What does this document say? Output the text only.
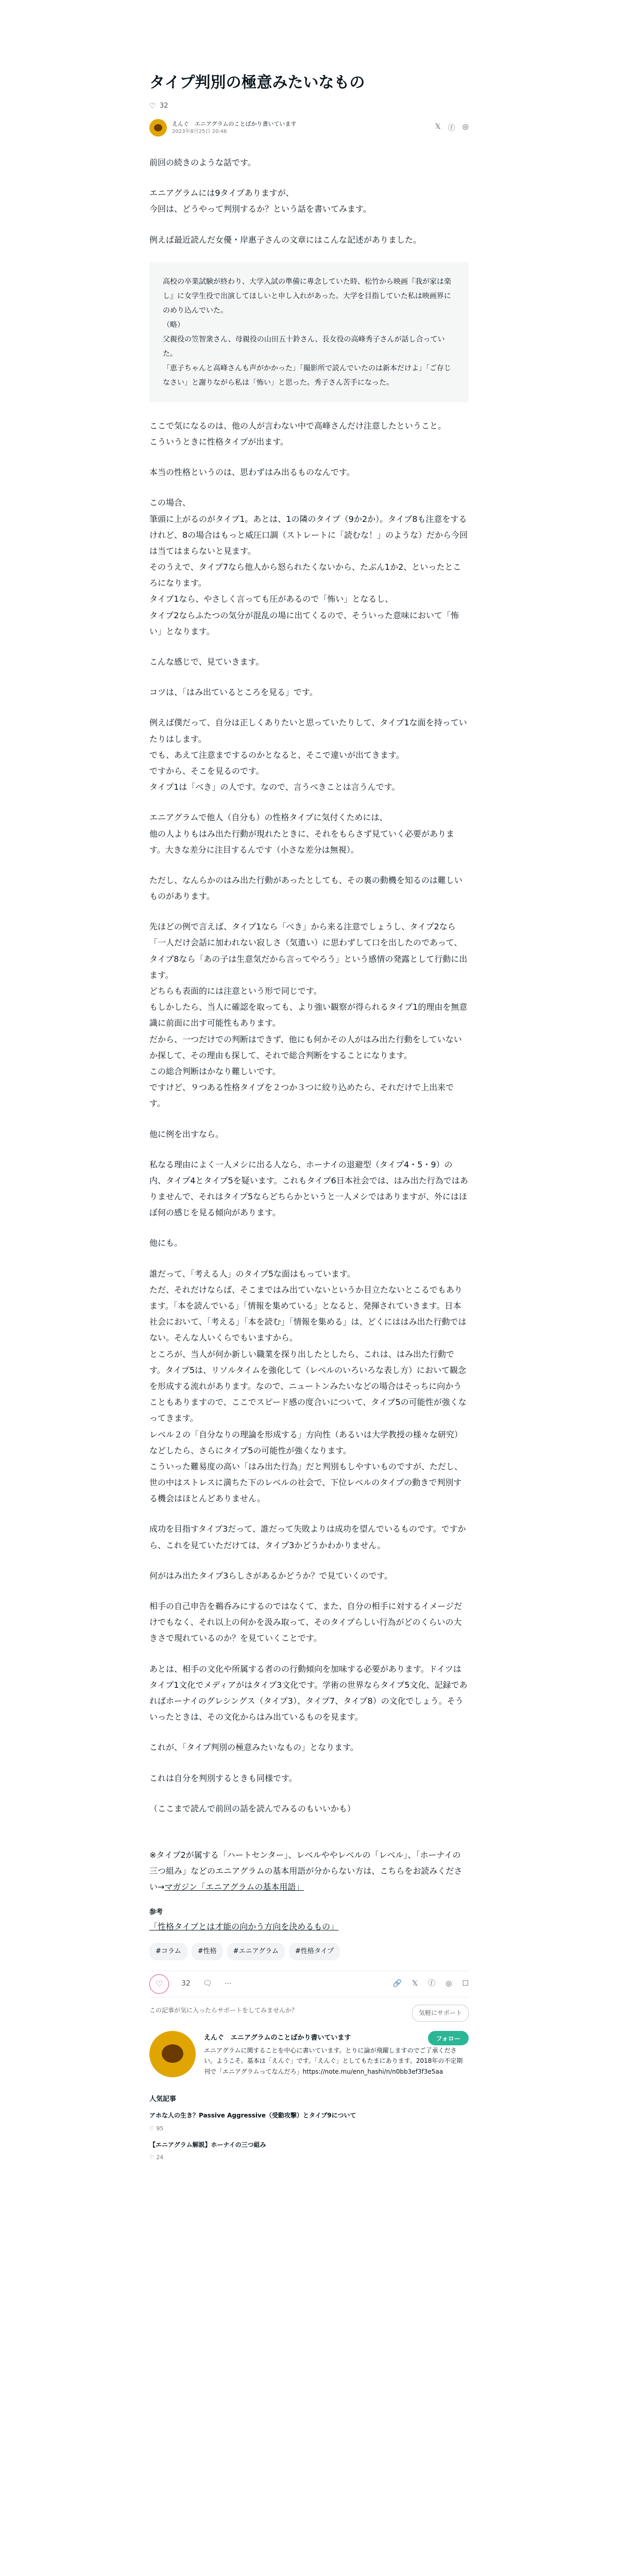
タイプ判別の極意みたいなもの
♡ 32
えんぐ　エニアグラムのことばかり書いています
2023年8月25日 20:46
𝕏 ⓕ ◎

前回の続きのような話です。

エニアグラムには9タイプありますが、
今回は、どうやって判別するか？という話を書いてみます。

例えば最近読んだ女優・岸惠子さんの文章にはこんな記述がありました。

高校の卒業試験が終わり、大学入試の準備に專念していた時、松竹から映画『我が家は楽し』に女学生役で出演してほしいと申し入れがあった。大学を目指していた私は映画界にのめり込んでいた。

（略）

父親役の笠智衆さん、母親役の山田五十鈴さん、長女役の高峰秀子さんが話し合っていた。

「恵子ちゃんと高峰さんも声がかかった」「撮影所で読んでいたのは新本だけよ」「ご存じなさい」と謝りながら私は「怖い」と思った。秀子さん苦手になった。

ここで気になるのは、他の人が言わない中で高峰さんだけ注意したということ。
こういうときに性格タイプが出ます。

本当の性格というのは、思わずはみ出るものなんです。

この場合、
筆頭に上がるのがタイプ1。あとは、1の隣のタイプ（9か2か）。タイプ8も注意をするけれど、8の場合はもっと威圧口調（ストレートに「読むな！」のような）だから今回は当てはまらないと見ます。
そのうえで、タイプ7なら他人から怒られたくないから、たぶん1か2、といったところになります。
タイプ1なら、やさしく言っても圧があるので「怖い」となるし、
タイプ2ならふたつの気分が混乱の場に出てくるので、そういった意味において「怖い」となります。

こんな感じで、見ていきます。

コツは、「はみ出ているところを見る」です。

例えば僕だって、自分は正しくありたいと思っていたりして、タイプ1な面を持っていたりはします。
でも、あえて注意までするのかとなると、そこで違いが出てきます。
ですから、そこを見るのです。
タイプ1は「べき」の人です。なので、言うべきことは言うんです。

エニアグラムで他人（自分も）の性格タイプに気付くためには、
他の人よりもはみ出た行動が現れたときに、それをもらさず見ていく必要があります。大きな差分に注目するんです（小さな差分は無視）。

ただし、なんらかのはみ出た行動があったとしても、その裏の動機を知るのは難しいものがあります。

先ほどの例で言えば、タイプ1なら「べき」から来る注意でしょうし、タイプ2なら「一人だけ会話に加われない寂しさ（気遣い）に思わずして口を出したのであって、タイプ8なら「あの子は生意気だから言ってやろう」という感情の発露として行動に出ます。
どちらも表面的には注意という形で同じです。
もしかしたら、当人に確認を取っても、より強い観察が得られるタイプ1的理由を無意識に前面に出す可能性もあります。
だから、一つだけでの判断はできず、他にも何かその人がはみ出た行動をしていないか探して、その理由も探して、それで総合判断をすることになります。
この総合判断はかなり難しいです。
ですけど、９つある性格タイプを２つか３つに絞り込めたら、それだけで上出来です。

他に例を出すなら。

私なる理由によく一人メシに出る人なら、ホーナイの退避型（タイプ4・5・9）の内、タイプ4とタイプ5を疑います。これもタイプ6日本社会では、はみ出た行為ではありませんで、それはタイプ5ならどちらかというと一人メシではありますが、外にはほぼ何の感じを見る傾向があります。

他にも。

誰だって、「考える人」のタイプ5な面はもっています。
ただ、それだけならば、そこまではみ出ていないというか目立たないとこるでもあります。「本を読んでいる」「情報を集めている」となると、発揮されていきます。日本社会において、「考える」「本を読む」「情報を集める」は、どくにははみ出た行動ではない。そんな人いくらでもいますから。
ところが、当人が何か新しい職業を探り出したとしたら、これは、はみ出た行動です。タイプ5は、リソルタイムを強化して（レベルのいろいろな表し方）において観念を形成する流れがあります。なので、ニュートンみたいなどの場合はそっちに向かうこともありますので、ここでスピード感の度合いについて、タイプ5の可能性が強くなってきます。
レベル２の「自分なりの理論を形成する」方向性（あるいは大学教授の様々な研究）などしたら、さらにタイプ5の可能性が強くなります。
こういった難易度の高い「はみ出た行為」だと判別もしやすいものですが、ただし、世の中はストレスに満ちた下のレベルの社会で、下位レベルのタイプの動きで判別する機会はほとんどありません。

成功を目指すタイプ3だって、誰だって失敗よりは成功を望んでいるものです。ですから、これを見ていただけては、タイプ3かどうかわかりません。

何がはみ出たタイプ3らしさがあるかどうか？で見ていくのです。

相手の自己申告を鵜呑みにするのではなくて、また、自分の相手に対するイメージだけでもなく、それ以上の何かを汲み取って、そのタイプらしい行為がどのくらいの大きさで現れているのか？を見ていくことです。

あとは、相手の文化や所属する者のの行動傾向を加味する必要があります。ドイツはタイプ1文化でメディアがはタイプ3文化です。学術の世界ならタイプ5文化、記録であればホーナイのグレシングス（タイプ3）、タイプ7、タイプ8）の文化でしょう。そういったときは、その文化からはみ出ているものを見ます。

これが、「タイプ判別の極意みたいなもの」となります。

これは自分を判別するときも同様です。

（ここまで読んで前回の話を読んでみるのもいいかも）

※タイプ2が属する「ハートセンター」、レベルややレベルの「レベル」、「ホーナイの三つ組み」などのエニアグラムの基本用語が分からない方は、こちらをお読みください→マガジン「エニアグラムの基本用語」

参考

「性格タイプとは才能の向かう方向を決めるもの」

#コラム	#性格	#エニアグラム	#性格タイプ
♡	32 🗨 ⋯	🔗 𝕏 ⓕ ◎ ☐
この記事が気に入ったらサポートをしてみませんか？	気軽にサポート
えんぐ　エニアグラムのことばかり書いています	フォロー
エニアグラムに関することを中心に書いています。とりに論が飛躍しますのでご了承ください。ようこそ。基本は「えんぐ」です。「えんぐ」としてもたまにあります。2018年の不定期刊で「エニアグラムってなんだろ」https://note.mu/enn_hashi/n/n0bb3ef3f3e5aa
人気記事
アホな人の生き？Passive Aggressive（受動攻撃）とタイプ9について
♡ 95
【エニアグラム解説】ホーナイの三つ組み
♡ 24
